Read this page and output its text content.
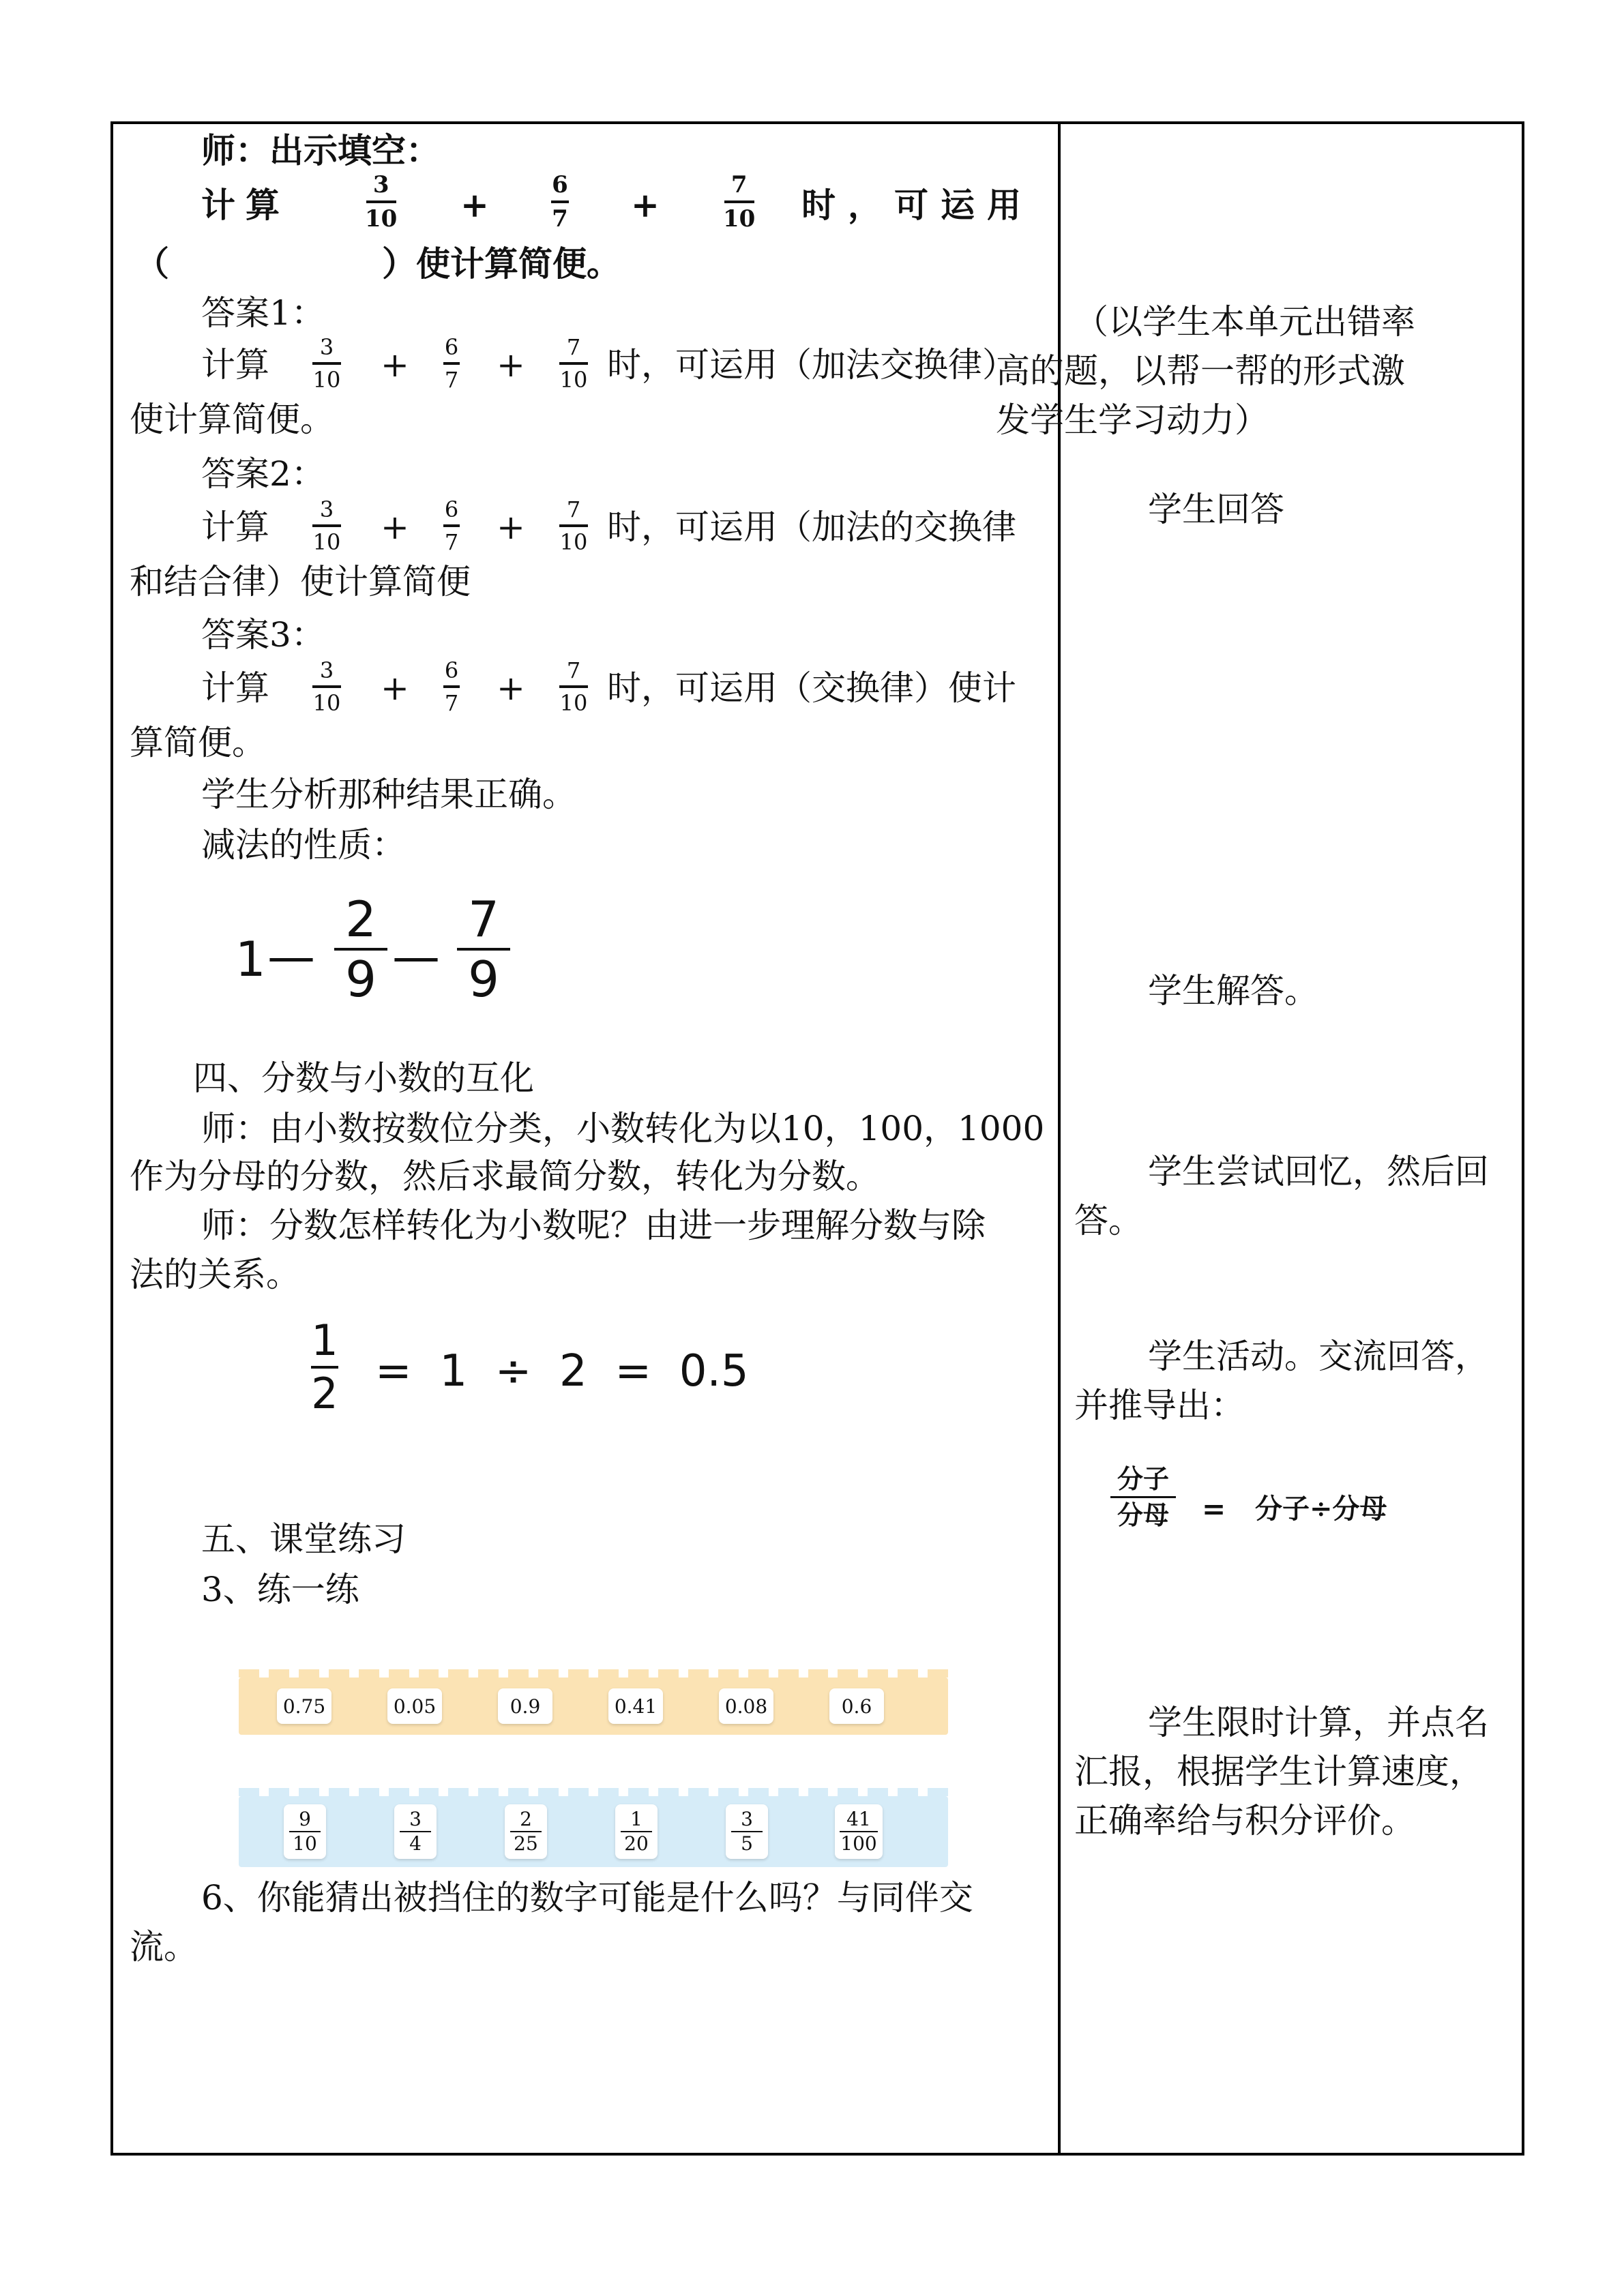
师：出示填空：
计 算	3
10 +	6
7 +	7
10 时，可运用
（	）使计算简便。
答案1：
计算 3
10 + 6
7 + 7
10 时，可运用（加法交换律）
使计算简便。
答案2：
计算 3
10 + 6
7 + 7
10 时，可运用（加法的交换律
和结合律）使计算简便
答案3：
计算 3
10 + 6
7 + 7
10 时，可运用（交换律）使计
算简便。
学生分析那种结果正确。
减法的性质：
1 —
2
9 —
7
9
四、分数与小数的互化
师：由小数按数位分类，小数转化为以10，100，1000
作为分母的分数，然后求最简分数，转化为分数。
师：分数怎样转化为小数呢？由进一步理解分数与除
法的关系。
1
2 =  1  ÷  2  =  0.5
五、课堂练习
3、练一练
0.75	0.05	0.9	0.41	0.08	0.6
$\frac{9}{10}$	$\frac{3}{4}$	$\frac{2}{25}$	$\frac{1}{20}$	$\frac{3}{5}$	$\frac{41}{100}$
6、你能猜出被挡住的数字可能是什么吗？与同伴交
流。
（以学生本单元出错率高的题，以帮一帮的形式激发学生学习动力）
学生回答
学生解答。
学生尝试回忆，然后回答。
学生活动。交流回答，
并推导出：
分子
分母 = 分子÷分母
学生限时计算，并点名汇报，根据学生计算速度，正确率给与积分评价。
